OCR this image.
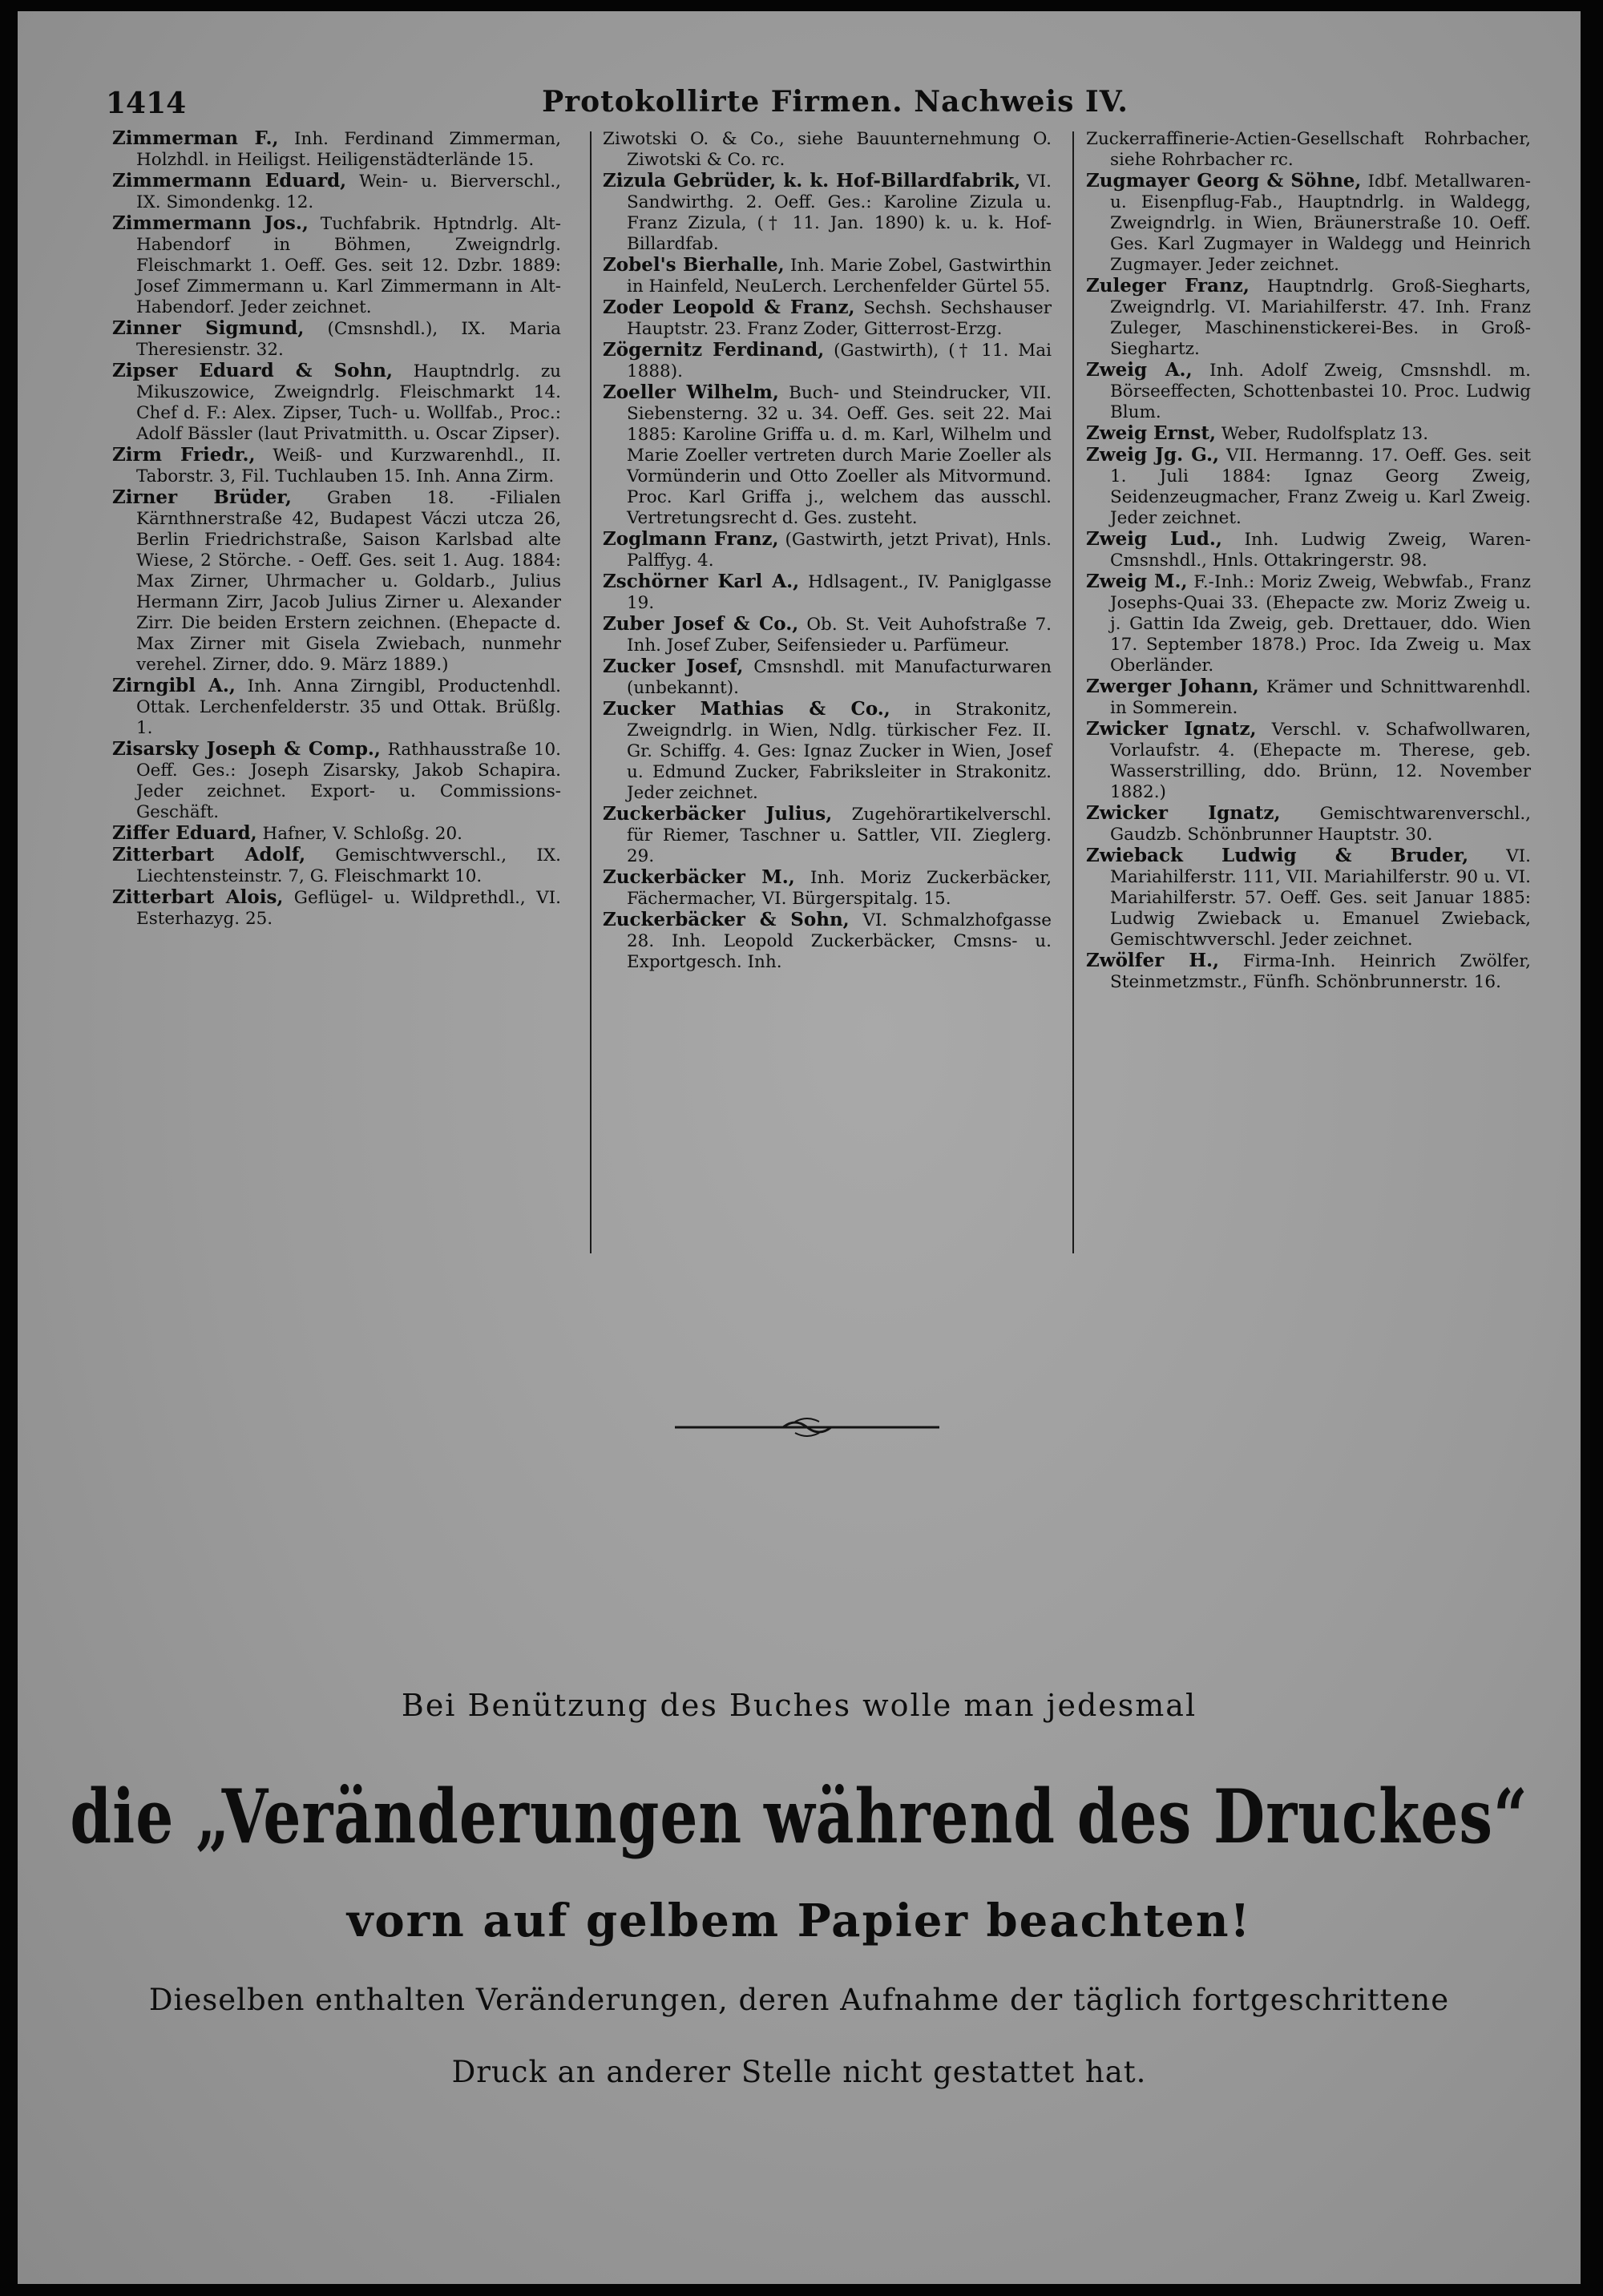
1414	Protokollirte Firmen. Nachweis IV.

Zimmerman F., Inh. Ferdinand Zimmerman, Holzhdl. in Heiligst. Heiligenstädterlände 15.

Zimmermann Eduard, Wein- u. Bierverschl., IX. Simondenkg. 12.

Zimmermann Jos., Tuchfabrik. Hptndrlg. Alt-Habendorf in Böhmen, Zweigndrlg. Fleischmarkt 1. Oeff. Ges. seit 12. Dzbr. 1889: Josef Zimmermann u. Karl Zimmermann in Alt-Habendorf. Jeder zeichnet.

Zinner Sigmund, (Cmsnshdl.), IX. Maria Theresienstr. 32.

Zipser Eduard & Sohn, Hauptndrlg. zu Mikuszowice, Zweigndrlg. Fleischmarkt 14. Chef d. F.: Alex. Zipser, Tuch- u. Wollfab., Proc.: Adolf Bässler (laut Privatmitth. u. Oscar Zipser).

Zirm Friedr., Weiß- und Kurzwarenhdl., II. Taborstr. 3, Fil. Tuchlauben 15. Inh. Anna Zirm.

Zirner Brüder, Graben 18. -Filialen Kärnthnerstraße 42, Budapest Váczi utcza 26, Berlin Friedrichstraße, Saison Karlsbad alte Wiese, 2 Störche. - Oeff. Ges. seit 1. Aug. 1884: Max Zirner, Uhrmacher u. Goldarb., Julius Hermann Zirr, Jacob Julius Zirner u. Alexander Zirr. Die beiden Erstern zeichnen. (Ehepacte d. Max Zirner mit Gisela Zwiebach, nunmehr verehel. Zirner, ddo. 9. März 1889.)

Zirngibl A., Inh. Anna Zirngibl, Productenhdl. Ottak. Lerchenfelderstr. 35 und Ottak. Brüßlg. 1.

Zisarsky Joseph & Comp., Rathhausstraße 10. Oeff. Ges.: Joseph Zisarsky, Jakob Schapira. Jeder zeichnet. Export- u. Commissions-Geschäft.

Ziffer Eduard, Hafner, V. Schloßg. 20.

Zitterbart Adolf, Gemischtwverschl., IX. Liechtensteinstr. 7, G. Fleischmarkt 10.

Zitterbart Alois, Geflügel- u. Wildprethdl., VI. Esterhazyg. 25.

Ziwotski O. & Co., siehe Bauunternehmung O. Ziwotski & Co. rc.

Zizula Gebrüder, k. k. Hof-Billardfabrik, VI. Sandwirthg. 2. Oeff. Ges.: Karoline Zizula u. Franz Zizula, († 11. Jan. 1890) k. u. k. Hof-Billardfab.

Zobel's Bierhalle, Inh. Marie Zobel, Gastwirthin in Hainfeld, NeuLerch. Lerchenfelder Gürtel 55.

Zoder Leopold & Franz, Sechsh. Sechshauser Hauptstr. 23. Franz Zoder, Gitterrost-Erzg.

Zögernitz Ferdinand, (Gastwirth), († 11. Mai 1888).

Zoeller Wilhelm, Buch- und Steindrucker, VII. Siebensterng. 32 u. 34. Oeff. Ges. seit 22. Mai 1885: Karoline Griffa u. d. m. Karl, Wilhelm und Marie Zoeller vertreten durch Marie Zoeller als Vormünderin und Otto Zoeller als Mitvormund. Proc. Karl Griffa j., welchem das ausschl. Vertretungsrecht d. Ges. zusteht.

Zoglmann Franz, (Gastwirth, jetzt Privat), Hnls. Palffyg. 4.

Zschörner Karl A., Hdlsagent., IV. Paniglgasse 19.

Zuber Josef & Co., Ob. St. Veit Auhofstraße 7. Inh. Josef Zuber, Seifensieder u. Parfümeur.

Zucker Josef, Cmsnshdl. mit Manufacturwaren (unbekannt).

Zucker Mathias & Co., in Strakonitz, Zweigndrlg. in Wien, Ndlg. türkischer Fez. II. Gr. Schiffg. 4. Ges: Ignaz Zucker in Wien, Josef u. Edmund Zucker, Fabriksleiter in Strakonitz. Jeder zeichnet.

Zuckerbäcker Julius, Zugehörartikelverschl. für Riemer, Taschner u. Sattler, VII. Zieglerg. 29.

Zuckerbäcker M., Inh. Moriz Zuckerbäcker, Fächermacher, VI. Bürgerspitalg. 15.

Zuckerbäcker & Sohn, VI. Schmalzhofgasse 28. Inh. Leopold Zuckerbäcker, Cmsns- u. Exportgesch. Inh.

Zuckerraffinerie-Actien-Gesellschaft Rohrbacher, siehe Rohrbacher rc.

Zugmayer Georg & Söhne, Idbf. Metallwaren- u. Eisenpflug-Fab., Hauptndrlg. in Waldegg, Zweigndrlg. in Wien, Bräunerstraße 10. Oeff. Ges. Karl Zugmayer in Waldegg und Heinrich Zugmayer. Jeder zeichnet.

Zuleger Franz, Hauptndrlg. Groß-Siegharts, Zweigndrlg. VI. Mariahilferstr. 47. Inh. Franz Zuleger, Maschinenstickerei-Bes. in Groß-Sieghartz.

Zweig A., Inh. Adolf Zweig, Cmsnshdl. m. Börseeffecten, Schottenbastei 10. Proc. Ludwig Blum.

Zweig Ernst, Weber, Rudolfsplatz 13.

Zweig Jg. G., VII. Hermanng. 17. Oeff. Ges. seit 1. Juli 1884: Ignaz Georg Zweig, Seidenzeugmacher, Franz Zweig u. Karl Zweig. Jeder zeichnet.

Zweig Lud., Inh. Ludwig Zweig, Waren-Cmsnshdl., Hnls. Ottakringerstr. 98.

Zweig M., F.-Inh.: Moriz Zweig, Webwfab., Franz Josephs-Quai 33. (Ehepacte zw. Moriz Zweig u. j. Gattin Ida Zweig, geb. Drettauer, ddo. Wien 17. September 1878.) Proc. Ida Zweig u. Max Oberländer.

Zwerger Johann, Krämer und Schnittwarenhdl. in Sommerein.

Zwicker Ignatz, Verschl. v. Schafwollwaren, Vorlaufstr. 4. (Ehepacte m. Therese, geb. Wasserstrilling, ddo. Brünn, 12. November 1882.)

Zwicker Ignatz, Gemischtwarenverschl., Gaudzb. Schönbrunner Hauptstr. 30.

Zwieback Ludwig & Bruder, VI. Mariahilferstr. 111, VII. Mariahilferstr. 90 u. VI. Mariahilferstr. 57. Oeff. Ges. seit Januar 1885: Ludwig Zwieback u. Emanuel Zwieback, Gemischtwverschl. Jeder zeichnet.

Zwölfer H., Firma-Inh. Heinrich Zwölfer, Steinmetzmstr., Fünfh. Schönbrunnerstr. 16.

Bei Benützung des Buches wolle man jedesmal
die „Veränderungen während des Druckes“
vorn auf gelbem Papier beachten!
Dieselben enthalten Veränderungen, deren Aufnahme der täglich fortgeschrittene
Druck an anderer Stelle nicht gestattet hat.
